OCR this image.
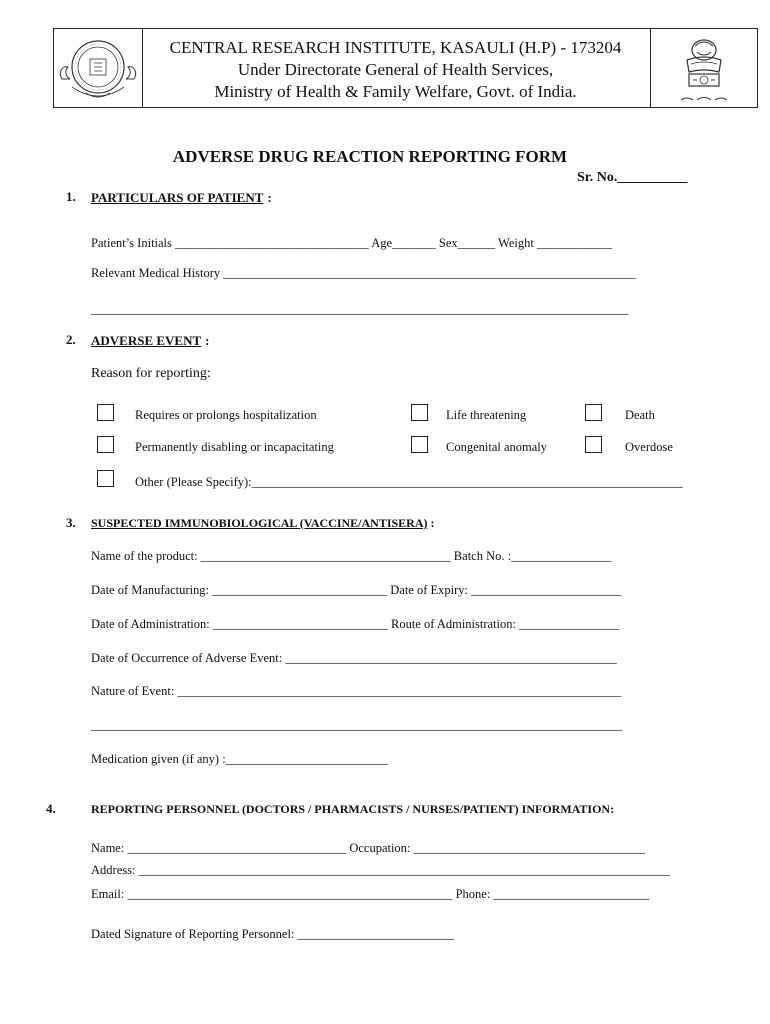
CENTRAL RESEARCH INSTITUTE, KASAULI (H.P) - 173204
Under Directorate General of Health Services,
Ministry of Health & Family Welfare, Govt. of India.
ADVERSE DRUG REACTION REPORTING FORM
Sr. No.__________
1. PARTICULARS OF PATIENT :
Patient’s Initials _______________________________ Age_______ Sex______ Weight ____________
Relevant Medical History __________________________________________________________________
______________________________________________________________________________________
2. ADVERSE EVENT :
Reason for reporting:
Requires or prolongs hospitalization	Life threatening	Death
Permanently disabling or incapacitating	Congenital anomaly	Overdose
Other (Please Specify):_____________________________________________________________________
3. SUSPECTED IMMUNOBIOLOGICAL (VACCINE/ANTISERA) :
Name of the product: ________________________________________ Batch No. :________________
Date of Manufacturing: ____________________________ Date of Expiry: ________________________
Date of Administration: ____________________________ Route of Administration: ________________
Date of Occurrence of Adverse Event: _____________________________________________________
Nature of Event: _______________________________________________________________________
_____________________________________________________________________________________
Medication given (if any) :__________________________
4.	REPORTING PERSONNEL (DOCTORS / PHARMACISTS / NURSES/PATIENT) INFORMATION:
Name: ___________________________________ Occupation: _____________________________________
Address: _____________________________________________________________________________________
Email: ____________________________________________________ Phone: _________________________
Dated Signature of Reporting Personnel: _________________________
